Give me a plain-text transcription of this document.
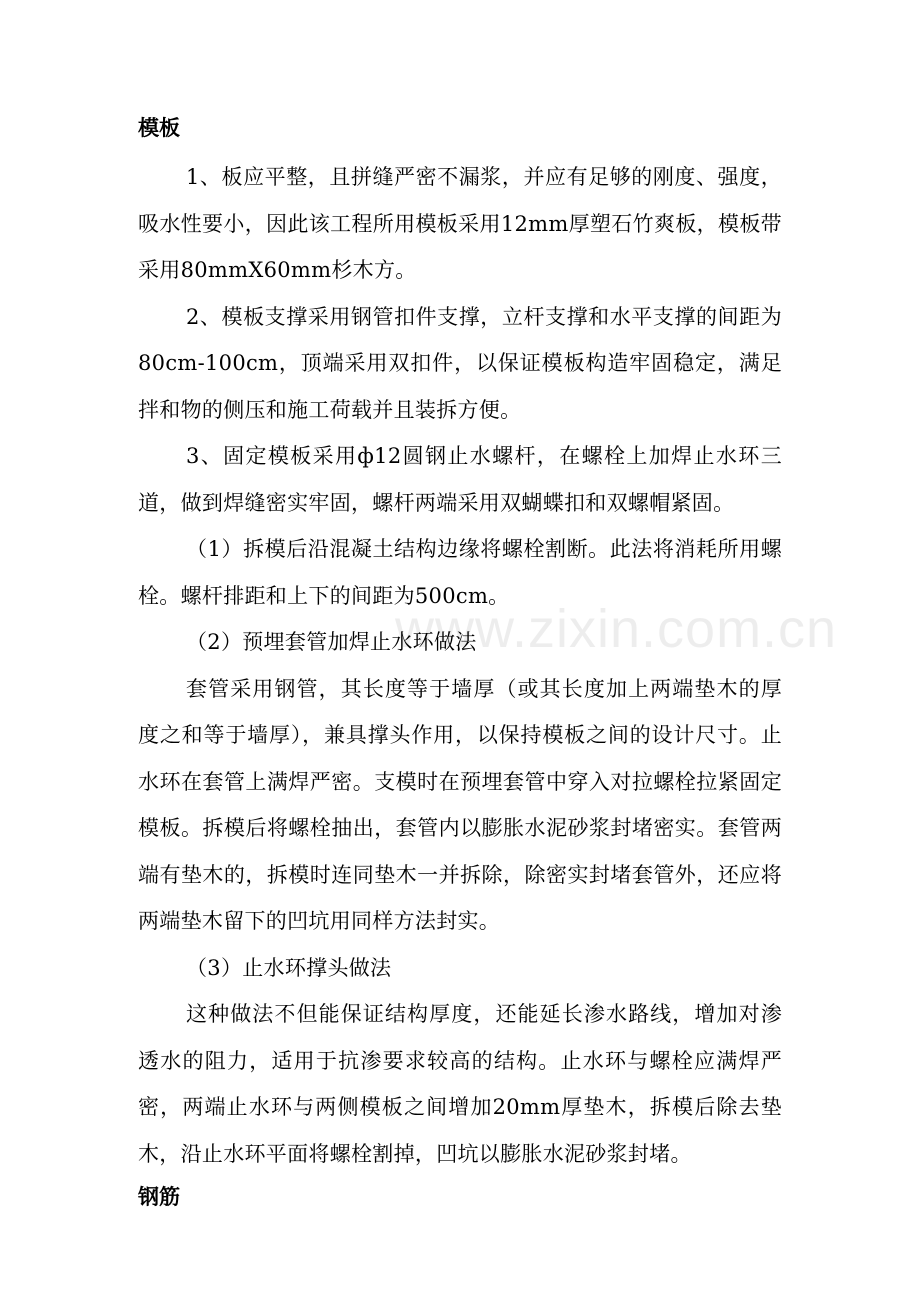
模板

1、板应平整，且拼缝严密不漏浆，并应有足够的刚度、强度，吸水性要小，因此该工程所用模板采用12mm厚塑石竹爽板，模板带采用80mmX60mm杉木方。

2、模板支撑采用钢管扣件支撑，立杆支撑和水平支撑的间距为80cm-100cm，顶端采用双扣件，以保证模板构造牢固稳定，满足拌和物的侧压和施工荷载并且装拆方便。

3、固定模板采用ф12圆钢止水螺杆，在螺栓上加焊止水环三道，做到焊缝密实牢固，螺杆两端采用双蝴蝶扣和双螺帽紧固。

（1）拆模后沿混凝土结构边缘将螺栓割断。此法将消耗所用螺栓。螺杆排距和上下的间距为500cm。

（2）预埋套管加焊止水环做法

套管采用钢管，其长度等于墙厚（或其长度加上两端垫木的厚度之和等于墙厚），兼具撑头作用，以保持模板之间的设计尺寸。止水环在套管上满焊严密。支模时在预埋套管中穿入对拉螺栓拉紧固定模板。拆模后将螺栓抽出，套管内以膨胀水泥砂浆封堵密实。套管两端有垫木的，拆模时连同垫木一并拆除，除密实封堵套管外，还应将两端垫木留下的凹坑用同样方法封实。

（3）止水环撑头做法

这种做法不但能保证结构厚度，还能延长渗水路线，增加对渗透水的阻力，适用于抗渗要求较高的结构。止水环与螺栓应满焊严密，两端止水环与两侧模板之间增加20mm厚垫木，拆模后除去垫木，沿止水环平面将螺栓割掉，凹坑以膨胀水泥砂浆封堵。

钢筋

www.zixin.com.cn
